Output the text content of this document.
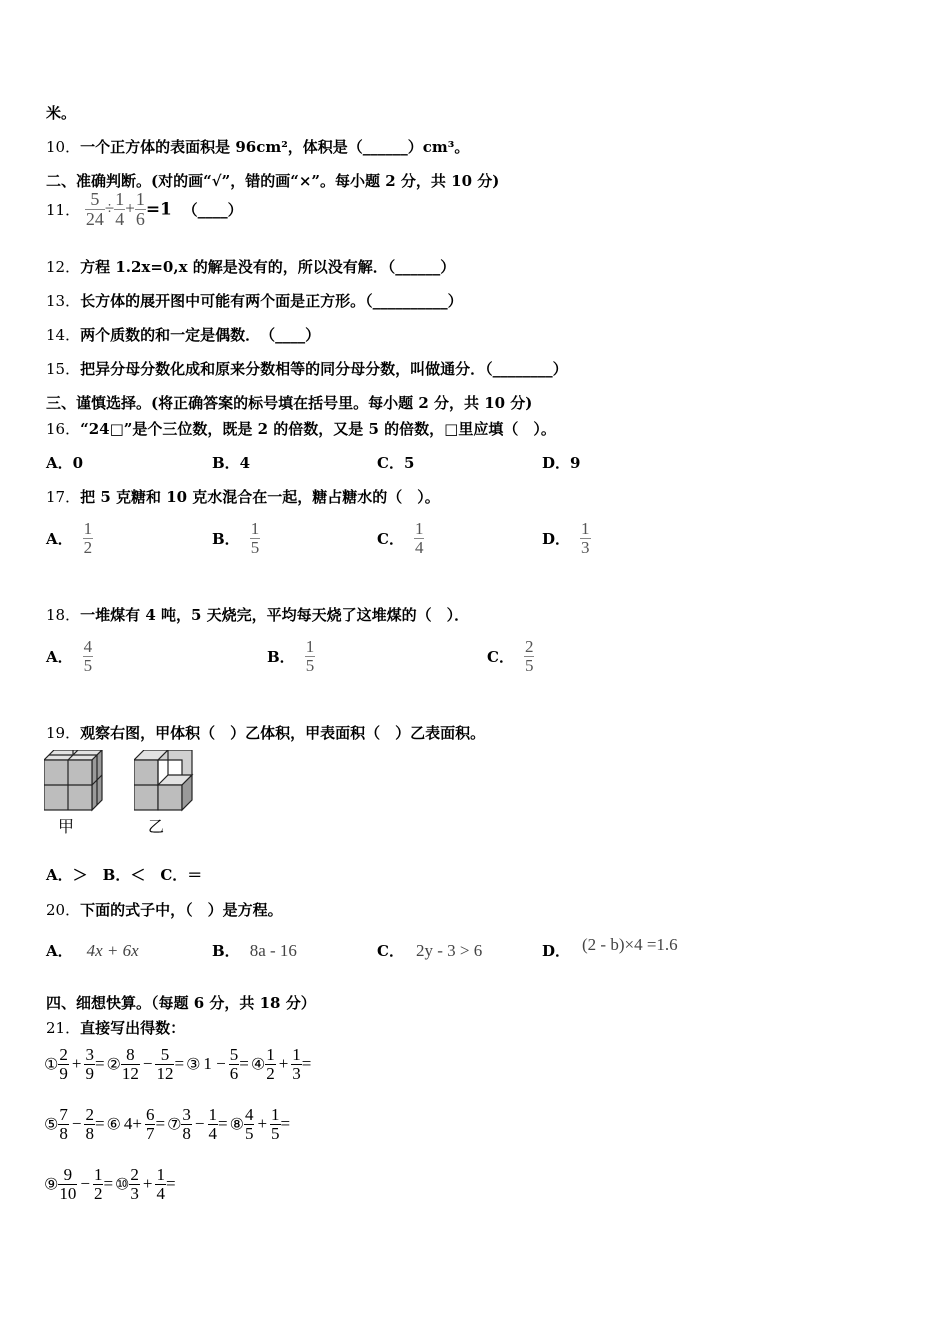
米。
10．一个正方体的表面积是 96cm²，体积是（______）cm³。
二、准确判断。(对的画“√”，错的画“×”。每小题 2 分，共 10 分)
11． $\frac{5}{24} \div \frac{1}{4} + \frac{1}{6} =1$ （____）
12．方程 1.2x=0,x 的解是没有的，所以没有解．（______）
13．长方体的展开图中可能有两个面是正方形。（__________）
14．两个质数的和一定是偶数．　（____）
15．把异分母分数化成和原来分数相等的同分母分数，叫做通分．（________）
三、谨慎选择。(将正确答案的标号填在括号里。每小题 2 分，共 10 分)
16．“24□”是个三位数，既是 2 的倍数，又是 5 的倍数，□里应填（　）。
A．0	B．4	C．5	D．9
17．把 5 克糖和 10 克水混合在一起，糖占糖水的（　）。
A． $\frac{1}{2}$	B． $\frac{1}{5}$	C． $\frac{1}{4}$	D． $\frac{1}{3}$
18．一堆煤有 4 吨，5 天烧完，平均每天烧了这堆煤的（　）．
A． $\frac{4}{5}$	B． $\frac{1}{5}$	C． $\frac{2}{5}$
19．观察右图，甲体积（　）乙体积，甲表面积（　）乙表面积。
甲	乙
A．＞　B．＜　C．＝
20．下面的式子中，（　）是方程。
A． 4x + 6x	B． 8a - 16	C． 2y - 3 > 6	D． (2 - b)×4 =1.6
四、细想快算。（每题 6 分，共 18 分）
21．直接写出得数：
① $\frac{2}{9} + \frac{3}{9}$ = ② $\frac{8}{12} - \frac{5}{12}$ = ③ $1 - \frac{5}{6}$ = ④ $\frac{1}{2} + \frac{1}{3}$ =
⑤ $\frac{7}{8} - \frac{2}{8}$ = ⑥ $4+ \frac{6}{7}$ = ⑦ $\frac{3}{8} - \frac{1}{4}$ = ⑧ $\frac{4}{5} + \frac{1}{5}$ =
⑨ $\frac{9}{10} - \frac{1}{2}$ = ⑩ $\frac{2}{3} + \frac{1}{4}$ =
